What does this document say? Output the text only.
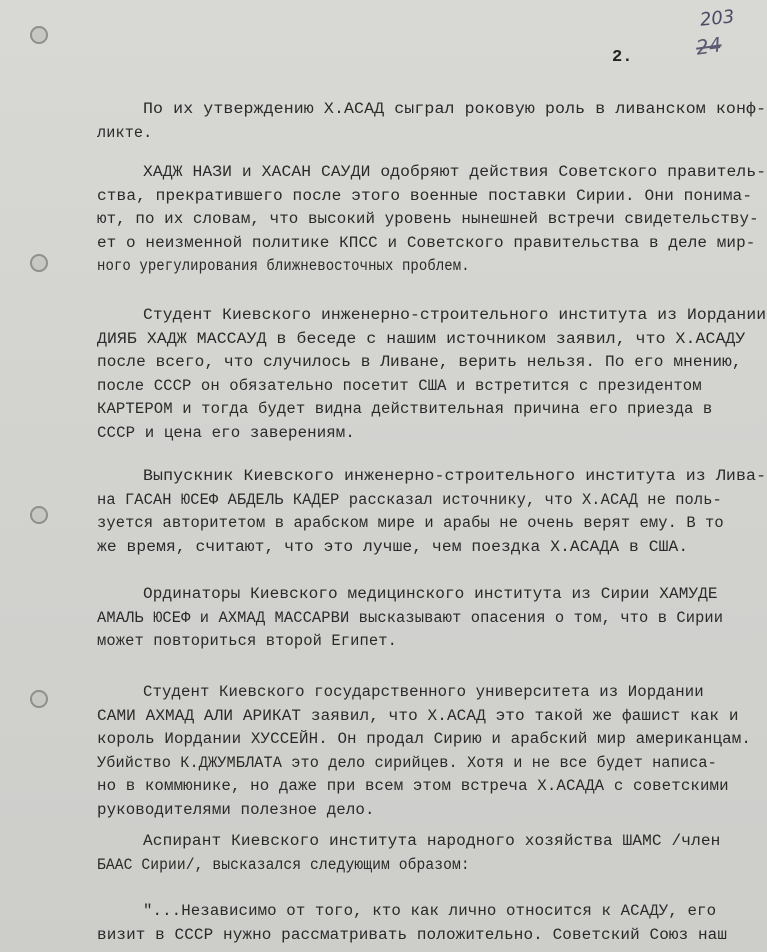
203
24
2.
По их утверждению Х.АСАД сыграл роковую роль в ливанском конф-
ликте.
ХАДЖ НАЗИ и ХАСАН САУДИ одобряют действия Советского правитель-
ства, прекратившего после этого военные поставки Сирии. Они понима-
ют, по их словам, что высокий уровень нынешней встречи свидетельству-
ет о неизменной политике КПСС и Советского правительства в деле мир-
ного урегулирования ближневосточных проблем.
Студент Киевского инженерно-строительного института из Иордании
ДИЯБ ХАДЖ МАССАУД в беседе с нашим источником заявил, что Х.АСАДУ
после всего, что случилось в Ливане, верить нельзя. По его мнению,
после СССР он обязательно посетит США и встретится с президентом
КАРТЕРОМ и тогда будет видна действительная причина его приезда в
СССР и цена его заверениям.
Выпускник Киевского инженерно-строительного института из Лива-
на ГАСАН ЮСЕФ АБДЕЛЬ КАДЕР рассказал источнику, что Х.АСАД не поль-
зуется авторитетом в арабском мире и арабы не очень верят ему. В то
же время, считают, что это лучше, чем поездка Х.АСАДА в США.
Ординаторы Киевского медицинского института из Сирии ХАМУДЕ
АМАЛЬ ЮСЕФ и АХМАД МАССАРВИ высказывают опасения о том, что в Сирии
может повториться второй Египет.
Студент Киевского государственного университета из Иордании
САМИ АХМАД АЛИ АРИКАТ заявил, что Х.АСАД это такой же фашист как и
король Иордании ХУССЕЙН. Он продал Сирию и арабский мир американцам.
Убийство К.ДЖУМБЛАТА это дело сирийцев. Хотя и не все будет написа-
но в коммюнике, но даже при всем этом встреча Х.АСАДА с советскими
руководителями полезное дело.
Аспирант Киевского института народного хозяйства ШАМС /член
БААС Сирии/, высказался следующим образом:
"...Независимо от того, кто как лично относится к АСАДУ, его
визит в СССР нужно рассматривать положительно. Советский Союз наш
